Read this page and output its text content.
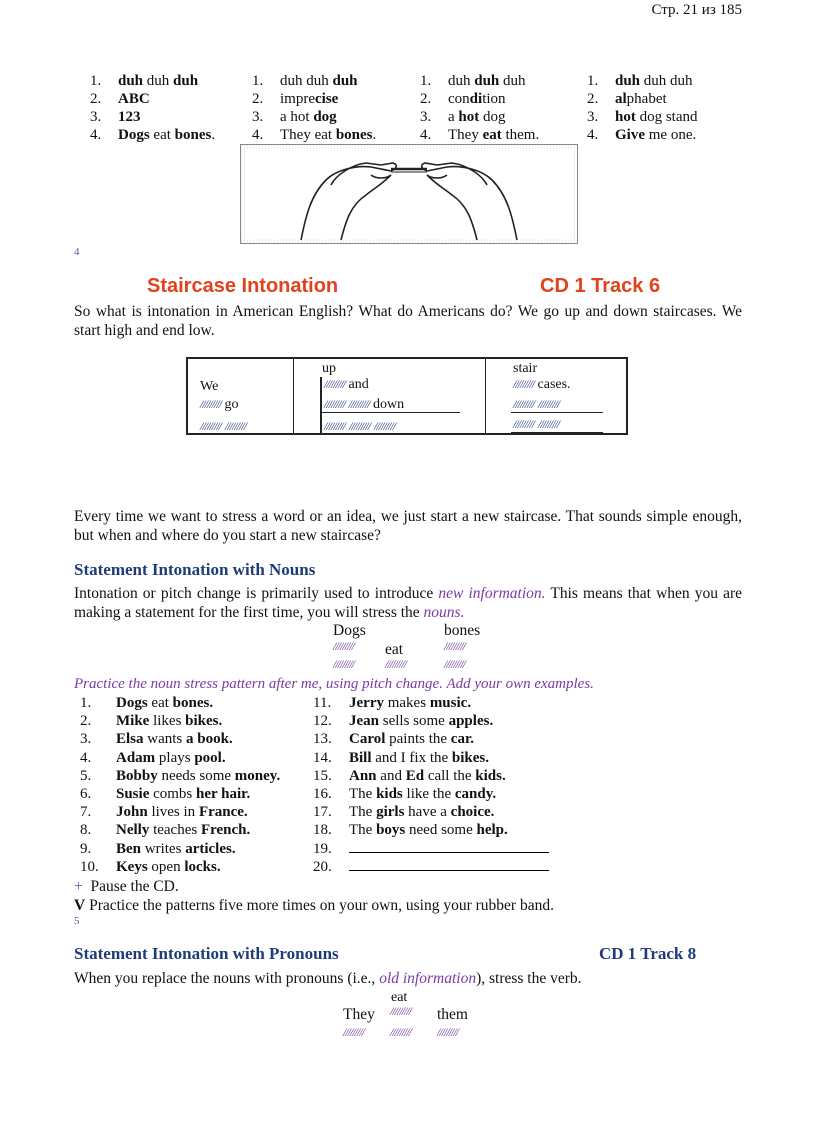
Стр. 21 из 185
1.	duh duh duh
2.	ABC
3.	123
4.	Dogs eat bones.
1.	duh duh duh
2.	imprecise
3.	a hot dog
4.	They eat bones.
1.	duh duh duh
2.	condition
3.	a hot dog
4.	They eat them.
1.	duh duh duh
2.	alphabet
3.	hot dog stand
4.	Give me one.
4
Staircase Intonation	CD 1 Track 6
So what is intonation in American English? What do Americans do? We go up and down staircases. We start high and end low.
We
///////// go
///////// /////////
up
///////// and
///////// ///////// down
///////// ///////// /////////
stair
///////// cases.
///////// /////////
///////// /////////
Every time we want to stress a word or an idea, we just start a new staircase. That sounds simple enough, but when and where do you start a new staircase?
Statement Intonation with Nouns
Intonation or pitch change is primarily used to introduce new information. This means that when you are making a statement for the first time, you will stress the nouns.
Dogs	bones
///////// eat	/////////
/////////	/////////	/////////
Practice the noun stress pattern after me, using pitch change. Add your own examples.
1.	Dogs eat bones.
2.	Mike likes bikes.
3.	Elsa wants a book.
4.	Adam plays pool.
5.	Bobby needs some money.
6.	Susie combs her hair.
7.	John lives in France.
8.	Nelly teaches French.
9.	Ben writes articles.
10.	Keys open locks.
11.	Jerry makes music.
12.	Jean sells some apples.
13.	Carol paints the car.
14.	Bill and I fix the bikes.
15.	Ann and Ed call the kids.
16.	The kids like the candy.
17.	The girls have a choice.
18.	The boys need some help.
19.
20.
+ Pause the CD.
V Practice the patterns five more times on your own, using your rubber band.
5
Statement Intonation with Pronouns	CD 1 Track 8
When you replace the nouns with pronouns (i.e., old information), stress the verb.
eat
They ///////// them
///////// ///////// /////////
